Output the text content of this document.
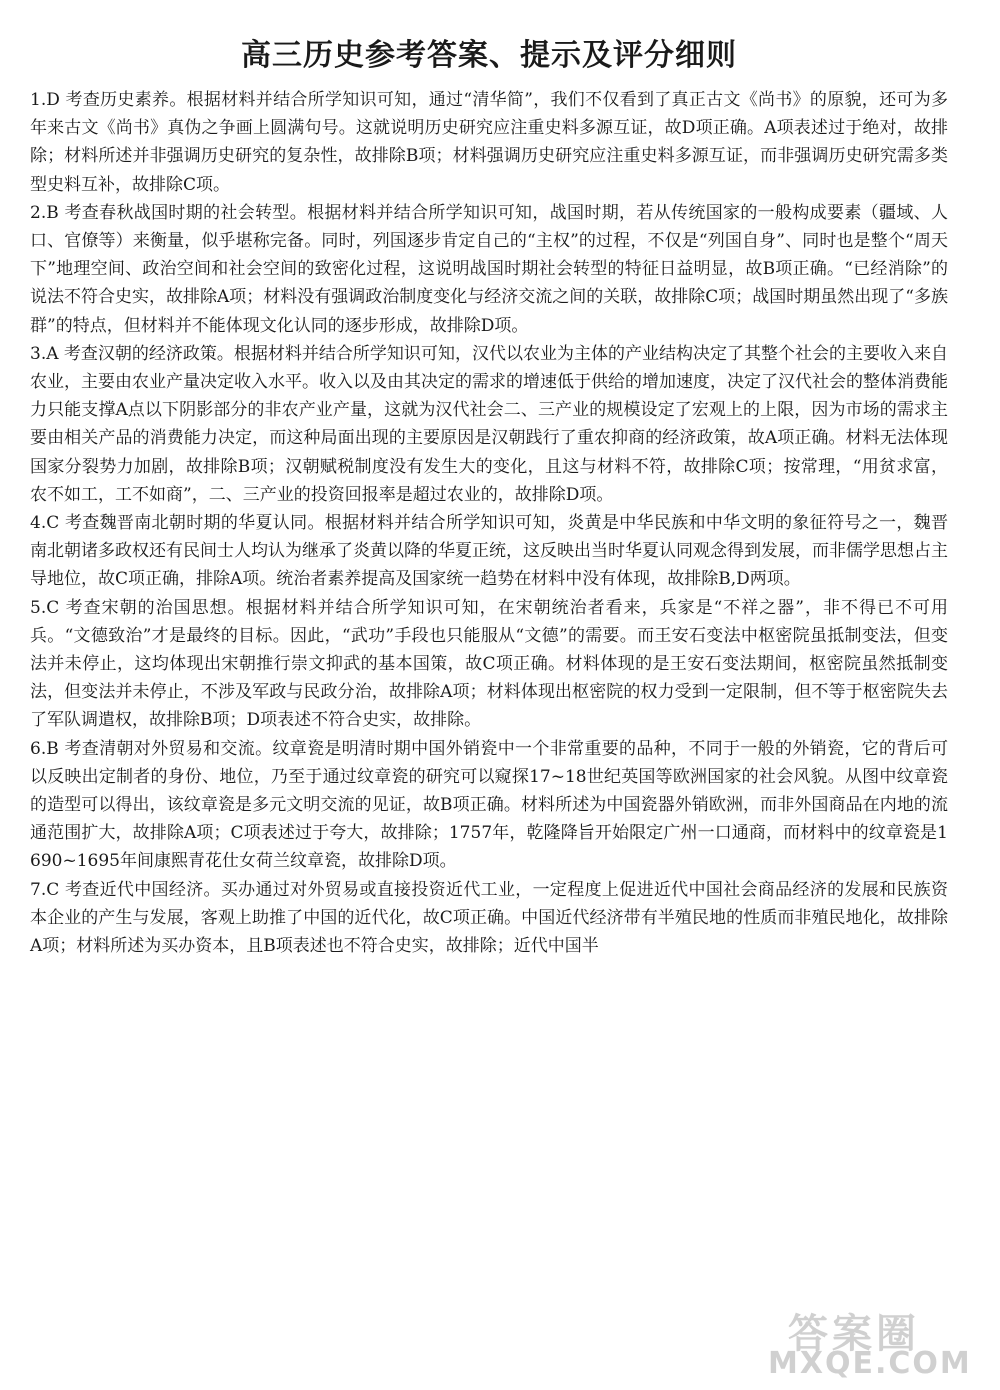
高三历史参考答案、提示及评分细则

1.D 考查历史素养。根据材料并结合所学知识可知，通过“清华简”，我们不仅看到了真正古文《尚书》的原貌，还可为多年来古文《尚书》真伪之争画上圆满句号。这就说明历史研究应注重史料多源互证，故D项正确。A项表述过于绝对，故排除；材料所述并非强调历史研究的复杂性，故排除B项；材料强调历史研究应注重史料多源互证，而非强调历史研究需多类型史料互补，故排除C项。

2.B 考查春秋战国时期的社会转型。根据材料并结合所学知识可知，战国时期，若从传统国家的一般构成要素（疆域、人口、官僚等）来衡量，似乎堪称完备。同时，列国逐步肯定自己的“主权”的过程，不仅是“列国自身”、同时也是整个“周天下”地理空间、政治空间和社会空间的致密化过程，这说明战国时期社会转型的特征日益明显，故B项正确。“已经消除”的说法不符合史实，故排除A项；材料没有强调政治制度变化与经济交流之间的关联，故排除C项；战国时期虽然出现了“多族群”的特点，但材料并不能体现文化认同的逐步形成，故排除D项。

3.A 考查汉朝的经济政策。根据材料并结合所学知识可知，汉代以农业为主体的产业结构决定了其整个社会的主要收入来自农业，主要由农业产量决定收入水平。收入以及由其决定的需求的增速低于供给的增加速度，决定了汉代社会的整体消费能力只能支撑A点以下阴影部分的非农产业产量，这就为汉代社会二、三产业的规模设定了宏观上的上限，因为市场的需求主要由相关产品的消费能力决定，而这种局面出现的主要原因是汉朝践行了重农抑商的经济政策，故A项正确。材料无法体现国家分裂势力加剧，故排除B项；汉朝赋税制度没有发生大的变化，且这与材料不符，故排除C项；按常理，“用贫求富，农不如工，工不如商”，二、三产业的投资回报率是超过农业的，故排除D项。

4.C 考查魏晋南北朝时期的华夏认同。根据材料并结合所学知识可知，炎黄是中华民族和中华文明的象征符号之一，魏晋南北朝诸多政权还有民间士人均认为继承了炎黄以降的华夏正统，这反映出当时华夏认同观念得到发展，而非儒学思想占主导地位，故C项正确，排除A项。统治者素养提高及国家统一趋势在材料中没有体现，故排除B,D两项。

5.C 考查宋朝的治国思想。根据材料并结合所学知识可知，在宋朝统治者看来，兵家是“不祥之器”，非不得已不可用兵。“文德致治”才是最终的目标。因此，“武功”手段也只能服从“文德”的需要。而王安石变法中枢密院虽抵制变法，但变法并未停止，这均体现出宋朝推行崇文抑武的基本国策，故C项正确。材料体现的是王安石变法期间，枢密院虽然抵制变法，但变法并未停止，不涉及军政与民政分治，故排除A项；材料体现出枢密院的权力受到一定限制，但不等于枢密院失去了军队调遣权，故排除B项；D项表述不符合史实，故排除。

6.B 考查清朝对外贸易和交流。纹章瓷是明清时期中国外销瓷中一个非常重要的品种，不同于一般的外销瓷，它的背后可以反映出定制者的身份、地位，乃至于通过纹章瓷的研究可以窥探17~18世纪英国等欧洲国家的社会风貌。从图中纹章瓷的造型可以得出，该纹章瓷是多元文明交流的见证，故B项正确。材料所述为中国瓷器外销欧洲，而非外国商品在内地的流通范围扩大，故排除A项；C项表述过于夸大，故排除；1757年，乾隆降旨开始限定广州一口通商，而材料中的纹章瓷是1690~1695年间康熙青花仕女荷兰纹章瓷，故排除D项。

7.C 考查近代中国经济。买办通过对外贸易或直接投资近代工业，一定程度上促进近代中国社会商品经济的发展和民族资本企业的产生与发展，客观上助推了中国的近代化，故C项正确。中国近代经济带有半殖民地的性质而非殖民地化，故排除A项；材料所述为买办资本，且B项表述也不符合史实，故排除；近代中国半

答案圈
MXQE.COM
